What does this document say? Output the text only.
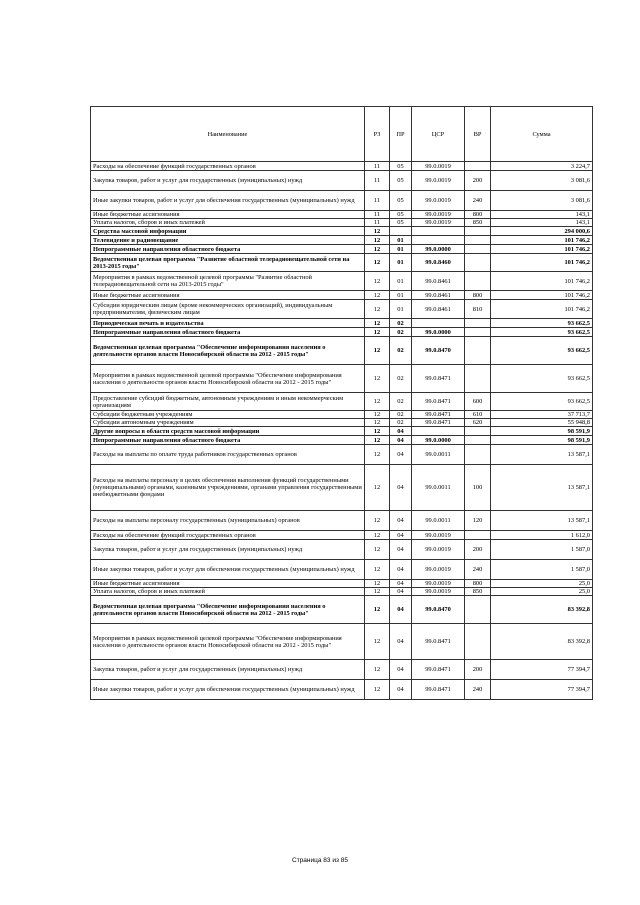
Наименование	РЗ	ПР	ЦСР	ВР	Сумма
Расходы на обеспечение функций государственных органов	11	05	99.0.0019		3 224,7
Закупка товаров, работ и услуг для государственных (муниципальных) нужд	11	05	99.0.0019	200	3 081,6
Иные закупки товаров, работ и услуг для обеспечения государственных (муниципальных) нужд	11	05	99.0.0019	240	3 081,6
Иные бюджетные ассигнования	11	05	99.0.0019	800	143,1
Уплата налогов, сборов и иных платежей	11	05	99.0.0019	850	143,1
Средства массовой информации	12				294 000,6
Телевидение и радиовещание	12	01			101 746,2
Непрограммные направления областного бюджета	12	01	99.0.0000		101 746,2
Ведомственная целевая программа "Развитие областной телерадиовещательной сети на 2013-2015 годы"	12	01	99.0.8460		101 746,2
Мероприятия в рамках ведомственной целевой программы "Развитие областной телерадиовещательной сети на 2013-2015 годы"	12	01	99.0.8461		101 746,2
Иные бюджетные ассигнования	12	01	99.0.8461	800	101 746,2
Субсидии юридическим лицам (кроме некоммерческих организаций), индивидуальным предпринимателям, физическим лицам	12	01	99.0.8461	810	101 746,2
Периодическая печать и издательства	12	02			93 662,5
Непрограммные направления областного бюджета	12	02	99.0.0000		93 662,5
Ведомственная целевая программа "Обеспечение информирования населения о деятельности органов власти Новосибирской области на 2012 - 2015 годы"	12	02	99.0.8470		93 662,5
Мероприятия в рамках ведомственной целевой программы "Обеспечение информирования населения о деятельности органов власти Новосибирской области на 2012 - 2015 годы"	12	02	99.0.8471		93 662,5
Предоставление субсидий бюджетным, автономным учреждениям и иным некоммерческим организациям	12	02	99.0.8471	600	93 662,5
Субсидии бюджетным учреждениям	12	02	99.0.8471	610	37 713,7
Субсидии автономным учреждениям	12	02	99.0.8471	620	55 948,8
Другие вопросы в области средств массовой информации	12	04			98 591,9
Непрограммные направления областного бюджета	12	04	99.0.0000		98 591,9
Расходы на выплаты по оплате труда работников государственных органов	12	04	99.0.0011		13 587,1
Расходы на выплаты персоналу в целях обеспечения выполнения функций государственными (муниципальными) органами, казенными учреждениями, органами управления государственными внебюджетными фондами	12	04	99.0.0011	100	13 587,1
Расходы на выплаты персоналу государственных (муниципальных) органов	12	04	99.0.0011	120	13 587,1
Расходы на обеспечение функций государственных органов	12	04	99.0.0019		1 612,0
Закупка товаров, работ и услуг для государственных (муниципальных) нужд	12	04	99.0.0019	200	1 587,0
Иные закупки товаров, работ и услуг для обеспечения государственных (муниципальных) нужд	12	04	99.0.0019	240	1 587,0
Иные бюджетные ассигнования	12	04	99.0.0019	800	25,0
Уплата налогов, сборов и иных платежей	12	04	99.0.0019	850	25,0
Ведомственная целевая программа "Обеспечение информирования населения о деятельности органов власти Новосибирской области на 2012 - 2015 годы"	12	04	99.0.8470		83 392,8
Мероприятия в рамках ведомственной целевой программы "Обеспечение информирования населения о деятельности органов власти Новосибирской области на 2012 - 2015 годы"	12	04	99.0.8471		83 392,8
Закупка товаров, работ и услуг для государственных (муниципальных) нужд	12	04	99.0.8471	200	77 394,7
Иные закупки товаров, работ и услуг для обеспечения государственных (муниципальных) нужд	12	04	99.0.8471	240	77 394,7
Страница 83 из 85
